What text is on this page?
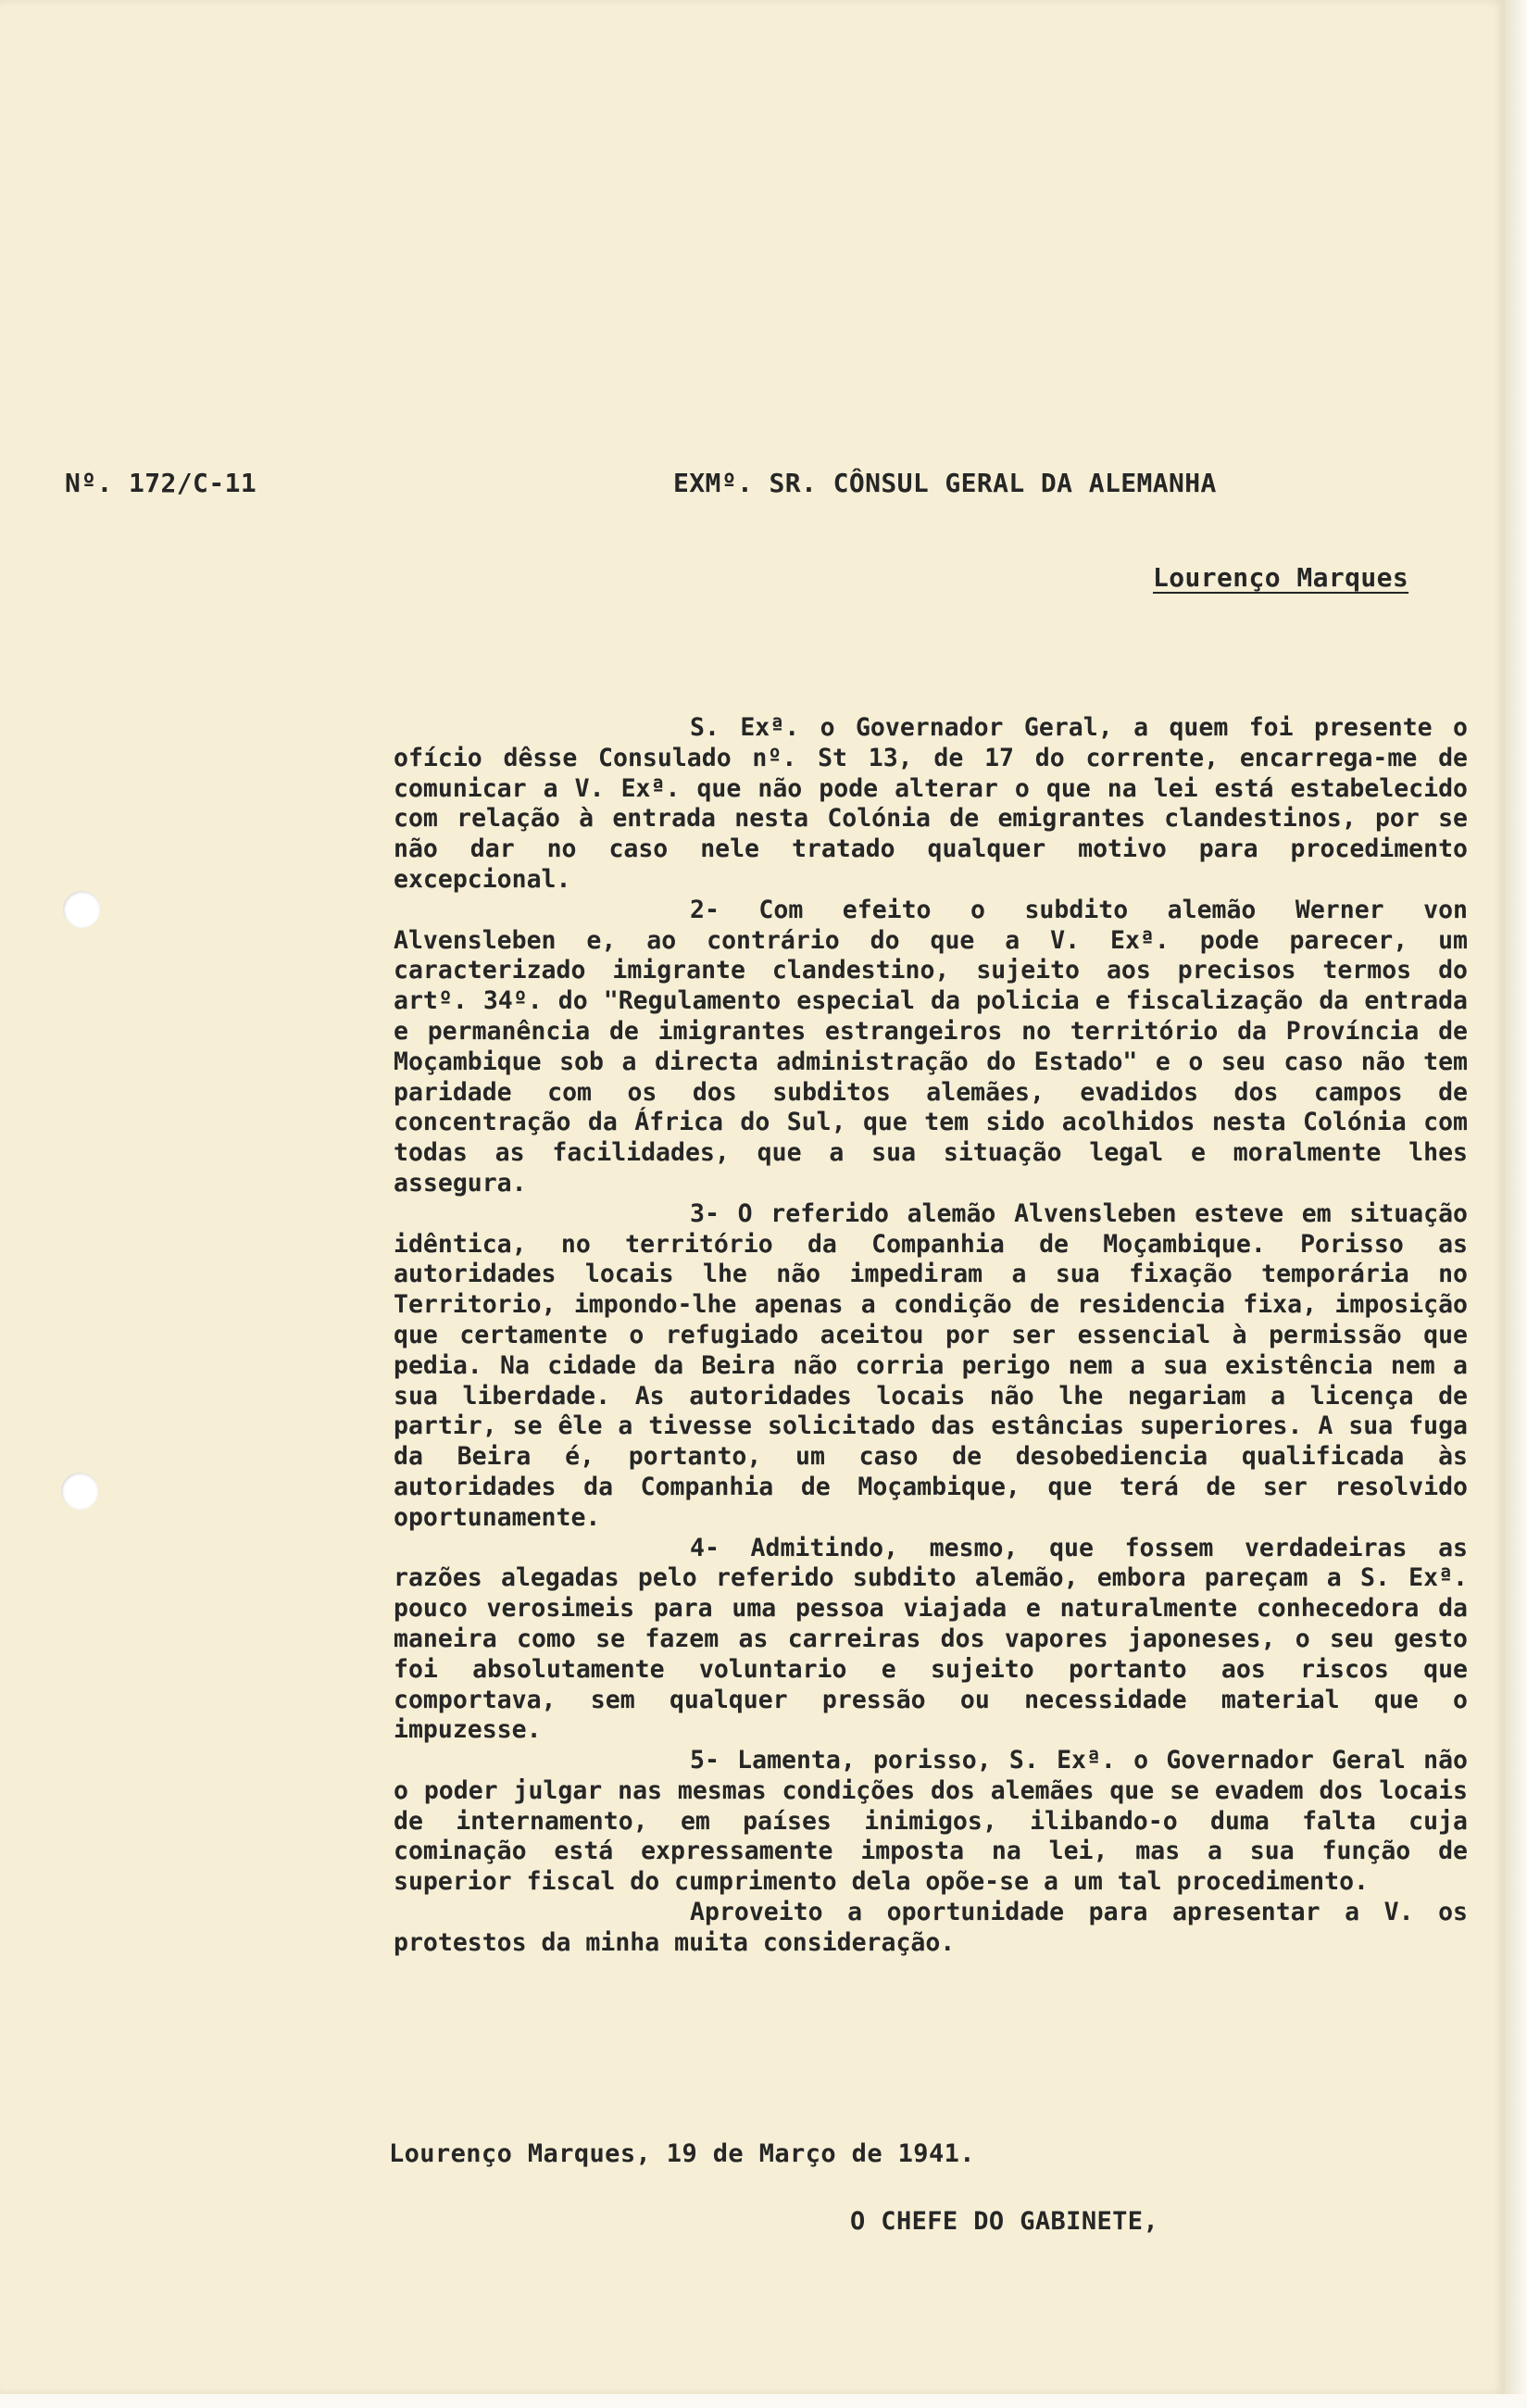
Nº. 172/C-11	EXMº. SR. CÔNSUL GERAL DA ALEMANHA
Lourenço Marques

S. Exª. o Governador Geral, a quem foi presente o ofício dêsse Consulado nº. St 13, de 17 do corrente, encarrega-me de comunicar a V. Exª. que não pode alterar o que na lei está estabelecido com relação à entrada nesta Colónia de emigrantes clandestinos, por se não dar no caso nele tratado qualquer motivo para procedimento excepcional.

2- Com efeito o subdito alemão Werner von Alvensleben e, ao contrário do que a V. Exª. pode parecer, um caracterizado imigrante clandestino, sujeito aos precisos termos do artº. 34º. do "Regulamento especial da policia e fiscalização da entrada e permanência de imigrantes estrangeiros no território da Província de Moçambique sob a directa administração do Estado" e o seu caso não tem paridade com os dos subditos alemães, evadidos dos campos de concentração da África do Sul, que tem sido acolhidos nesta Colónia com todas as facilidades, que a sua situação legal e moralmente lhes assegura.

3- O referido alemão Alvensleben esteve em situação idêntica, no território da Companhia de Moçambique. Porisso as autoridades locais lhe não impediram a sua fixação temporária no Territorio, impondo-lhe apenas a condição de residencia fixa, imposição que certamente o refugiado aceitou por ser essencial à permissão que pedia. Na cidade da Beira não corria perigo nem a sua existência nem a sua liberdade. As autoridades locais não lhe negariam a licença de partir, se êle a tivesse solicitado das estâncias superiores. A sua fuga da Beira é, portanto, um caso de desobediencia qualificada às autoridades da Companhia de Moçambique, que terá de ser resolvido oportunamente.

4- Admitindo, mesmo, que fossem verdadeiras as razões alegadas pelo referido subdito alemão, embora pareçam a S. Exª. pouco verosimeis para uma pessoa viajada e naturalmente conhecedora da maneira como se fazem as carreiras dos vapores japoneses, o seu gesto foi absolutamente voluntario e sujeito portanto aos riscos que comportava, sem qualquer pressão ou necessidade material que o impuzesse.

5- Lamenta, porisso, S. Exª. o Governador Geral não o poder julgar nas mesmas condições dos alemães que se evadem dos locais de internamento, em países inimigos, ilibando-o duma falta cuja cominação está expressamente imposta na lei, mas a sua função de superior fiscal do cumprimento dela opõe-se a um tal procedimento.

Aproveito a oportunidade para apresentar a V. os protestos da minha muita consideração.

Lourenço Marques, 19 de Março de 1941.
O CHEFE DO GABINETE,
